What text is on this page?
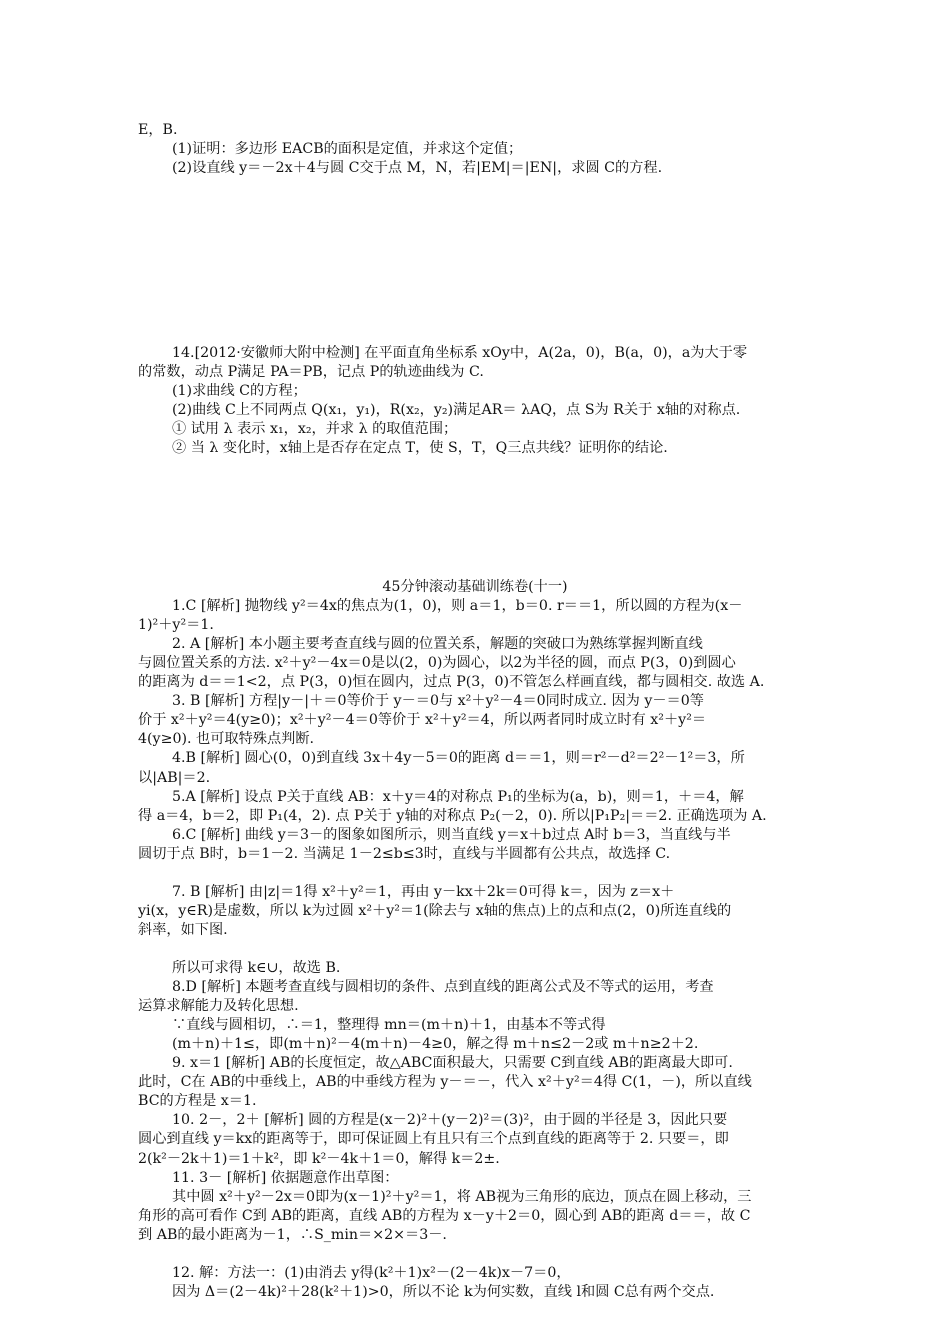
E，B.
(1)证明：多边形 EACB的面积是定值，并求这个定值；
(2)设直线 y＝－2x＋4与圆 C交于点 M，N，若|EM|＝|EN|，求圆 C的方程.
14.[2012·安徽师大附中检测] 在平面直角坐标系 xOy中，A(2a，0)，B(a，0)，a为大于零
的常数，动点 P满足 PA＝PB，记点 P的轨迹曲线为 C.
(1)求曲线 C的方程；
(2)曲线 C上不同两点 Q(x₁，y₁)，R(x₂，y₂)满足AR＝ λAQ，点 S为 R关于 x轴的对称点.
① 试用 λ 表示 x₁，x₂，并求 λ 的取值范围；
② 当 λ 变化时，x轴上是否存在定点 T，使 S，T，Q三点共线？证明你的结论.
45分钟滚动基础训练卷(十一)
1.C [解析] 抛物线 y²＝4x的焦点为(1，0)，则 a＝1，b＝0. r＝＝1，所以圆的方程为(x－
1)²＋y²＝1.
2. A [解析] 本小题主要考查直线与圆的位置关系，解题的突破口为熟练掌握判断直线
与圆位置关系的方法. x²＋y²－4x＝0是以(2，0)为圆心，以2为半径的圆，而点 P(3，0)到圆心
的距离为 d＝＝1<2，点 P(3，0)恒在圆内，过点 P(3，0)不管怎么样画直线，都与圆相交. 故选 A.
3. B [解析] 方程|y－|＋＝0等价于 y－＝0与 x²＋y²－4＝0同时成立. 因为 y－＝0等
价于 x²＋y²＝4(y≥0)；x²＋y²－4＝0等价于 x²＋y²＝4，所以两者同时成立时有 x²＋y²＝
4(y≥0). 也可取特殊点判断.
4.B [解析] 圆心(0，0)到直线 3x＋4y－5＝0的距离 d＝＝1，则＝r²－d²＝2²－1²＝3，所
以|AB|＝2.
5.A [解析] 设点 P关于直线 AB：x＋y＝4的对称点 P₁的坐标为(a，b)，则＝1，＋＝4，解
得 a＝4，b＝2，即 P₁(4，2). 点 P关于 y轴的对称点 P₂(－2，0). 所以|P₁P₂|＝＝2. 正确选项为 A.
6.C [解析] 曲线 y＝3－的图象如图所示，则当直线 y＝x＋b过点 A时 b＝3，当直线与半
圆切于点 B时，b＝1－2. 当满足 1－2≤b≤3时，直线与半圆都有公共点，故选择 C.
7. B [解析] 由|z|＝1得 x²＋y²＝1，再由 y－kx＋2k＝0可得 k＝，因为 z＝x＋
yi(x，y∈R)是虚数，所以 k为过圆 x²＋y²＝1(除去与 x轴的焦点)上的点和点(2，0)所连直线的
斜率，如下图.
所以可求得 k∈∪，故选 B.
8.D [解析] 本题考查直线与圆相切的条件、点到直线的距离公式及不等式的运用，考查
运算求解能力及转化思想.
∵直线与圆相切，∴＝1，整理得 mn＝(m＋n)＋1，由基本不等式得
(m＋n)＋1≤，即(m＋n)²－4(m＋n)－4≥0，解之得 m＋n≤2－2或 m＋n≥2＋2.
9. x＝1 [解析] AB的长度恒定，故△ABC面积最大，只需要 C到直线 AB的距离最大即可.
此时，C在 AB的中垂线上，AB的中垂线方程为 y－＝－，代入 x²＋y²＝4得 C(1，－)，所以直线
BC的方程是 x＝1.
10. 2－，2＋ [解析] 圆的方程是(x－2)²＋(y－2)²＝(3)²，由于圆的半径是 3，因此只要
圆心到直线 y＝kx的距离等于，即可保证圆上有且只有三个点到直线的距离等于 2. 只要＝，即
2(k²－2k＋1)＝1＋k²，即 k²－4k＋1＝0，解得 k＝2±.
11. 3－ [解析] 依据题意作出草图：
其中圆 x²＋y²－2x＝0即为(x－1)²＋y²＝1，将 AB视为三角形的底边，顶点在圆上移动，三
角形的高可看作 C到 AB的距离，直线 AB的方程为 x－y＋2＝0，圆心到 AB的距离 d＝＝，故 C
到 AB的最小距离为－1，∴S_min＝×2×＝3－.
12. 解：方法一：(1)由消去 y得(k²＋1)x²－(2－4k)x－7＝0，
因为 Δ＝(2－4k)²＋28(k²＋1)>0，所以不论 k为何实数，直线 l和圆 C总有两个交点.
